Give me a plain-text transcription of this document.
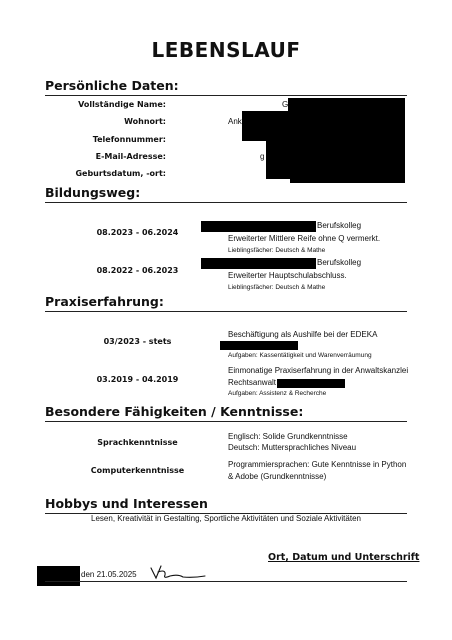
LEBENSLAUF
Persönliche Daten:
Vollständige Name:
Wohnort:
Telefonnummer:
E-Mail-Adresse:
Geburtsdatum, -ort:
G
Ank
g
Bildungsweg:
08.2023 - 06.2024
Berufskolleg
Erweiterter Mittlere Reife ohne Q vermerkt.
Lieblingsfächer: Deutsch & Mathe
08.2022 - 06.2023
Berufskolleg
Erweiterter Hauptschulabschluss.
Lieblingsfächer: Deutsch & Mathe
Praxiserfahrung:
03/2023 - stets
Beschäftigung als Aushilfe bei der EDEKA
Aufgaben: Kassentätigkeit und Warenverräumung
03.2019 - 04.2019
Einmonatige Praxiserfahrung in der Anwaltskanzlei
Rechtsanwalt
Aufgaben: Assistenz & Recherche
Besondere Fähigkeiten / Kenntnisse:
Sprachkenntnisse
Englisch: Solide Grundkenntnisse
Deutsch: Muttersprachliches Niveau
Computerkenntnisse
Programmiersprachen: Gute Kenntnisse in Python
& Adobe (Grundkenntnisse)
Hobbys und Interessen
Lesen, Kreativität in Gestalting, Sportliche Aktivitäten und Soziale Aktivitäten
Ort, Datum und Unterschrift
den 21.05.2025
